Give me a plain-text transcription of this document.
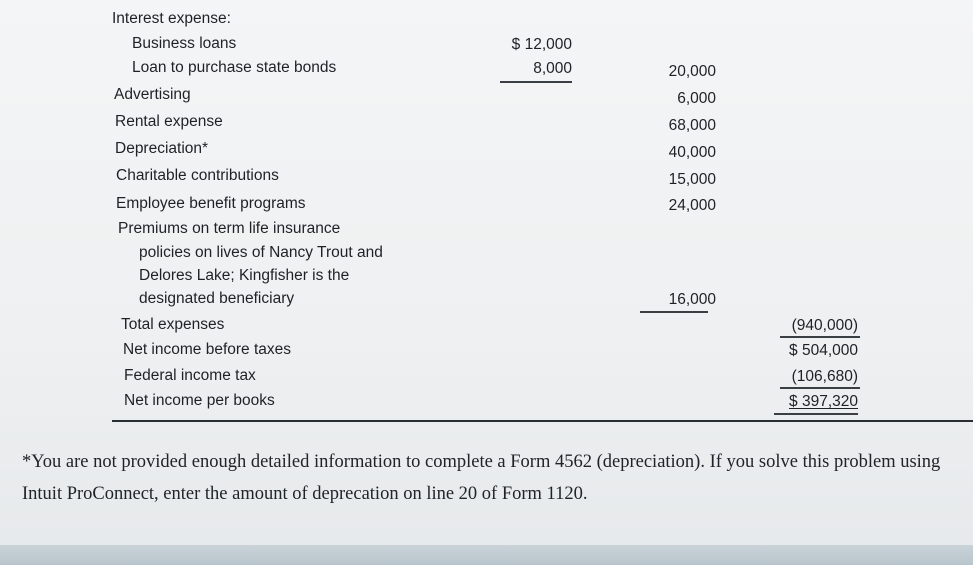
Interest expense:
Business loans
Loan to purchase state bonds
Advertising
Rental expense
Depreciation*
Charitable contributions
Employee benefit programs
Premiums on term life insurance
policies on lives of Nancy Trout and
Delores Lake; Kingfisher is the
designated beneficiary
Total expenses
Net income before taxes
Federal income tax
Net income per books
$ 12,000
8,000	20,000
6,000
68,000
40,000
15,000
24,000
16,000
(940,000)
$ 504,000
(106,680)
$ 397,320
*You are not provided enough detailed information to complete a Form 4562 (depreciation). If you solve this problem using Intuit ProConnect, enter the amount of deprecation on line 20 of Form 1120.
